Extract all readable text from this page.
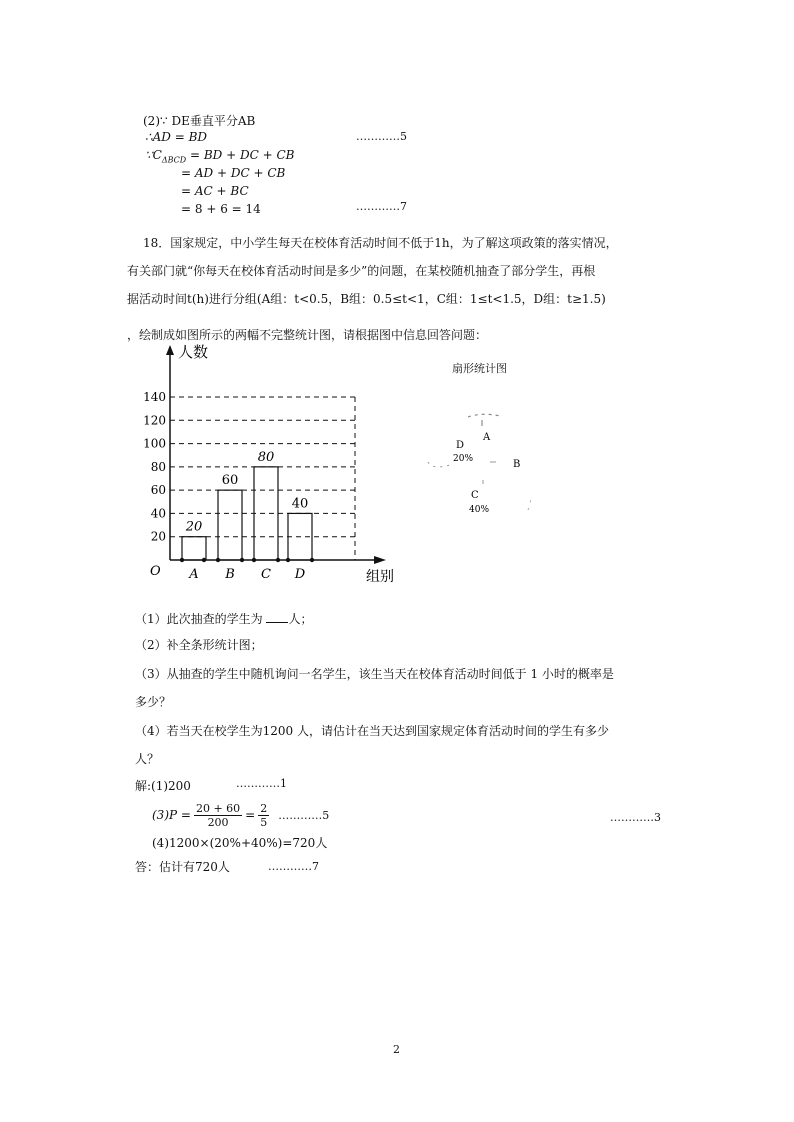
(2)∵ DE垂直平分AB
∴AD = BD	…………5
$\because C_{\Delta BCD}$ = BD + DC + CB
= AD + DC + CB
= AC + BC
= 8 + 6 = 14	…………7
18．国家规定，中小学生每天在校体育活动时间不低于1h，为了解这项政策的落实情况，
有关部门就“你每天在校体育活动时间是多少”的问题，在某校随机抽查了部分学生，再根
据活动时间t(h)进行分组(A组：t<0.5，B组：0.5≤t<1，C组：1≤t<1.5，D组：t≥1.5)
，绘制成如图所示的两幅不完整统计图，请根据图中信息回答问题：
人数
组别
O
20
40
60
80
100
120
140
20
A
60
B
80
C
40
D
扇形统计图
A
B
C
D
20%
40%
（1）此次抽查的学生为 人；
（2）补全条形统计图；
（3）从抽查的学生中随机询问一名学生，该生当天在校体育活动时间低于 1 小时的概率是
多少？
（4）若当天在校学生为1200 人，请估计在当天达到国家规定体育活动时间的学生有多少
人？
解:(1)200	…………1
$(3)P = \frac{20 + 60}{200} = \frac{2}{5}$ …………5	…………3
(4)1200×(20%+40%)=720人
答：估计有720人	…………7
2
